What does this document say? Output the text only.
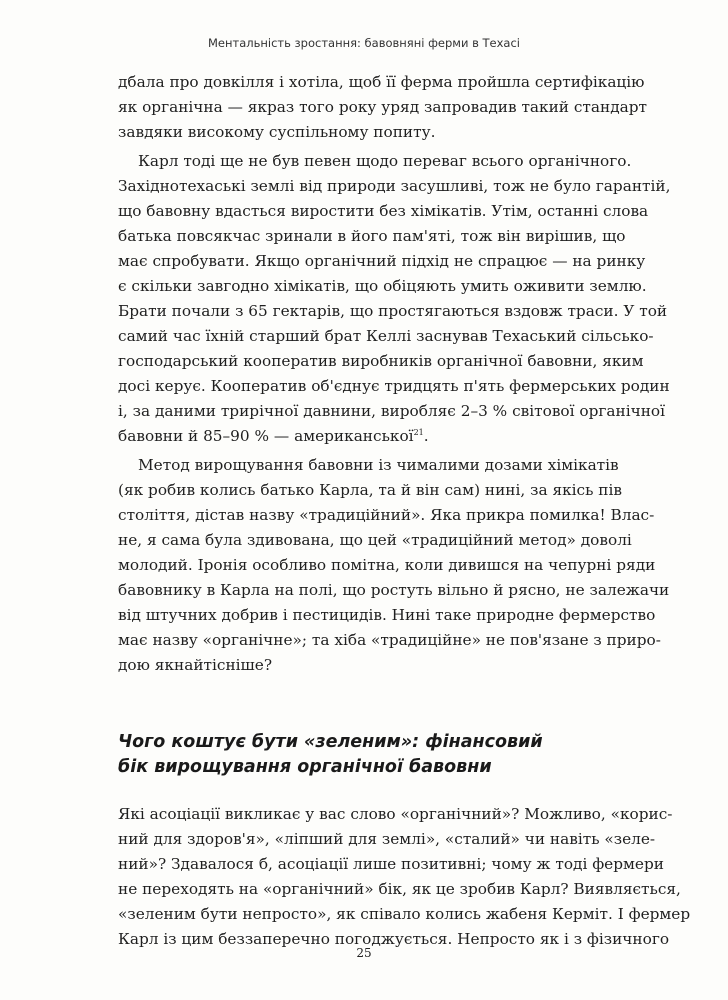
Ментальність зростання: бавовняні ферми в Техасі

дбала про довкілля і хотіла, щоб її ферма пройшла сертифікацію

як органічна — якраз того року уряд запровадив такий стандарт

завдяки високому суспільному попиту.

Карл тоді ще не був певен щодо переваг всього органічного.

Західнотехаські землі від природи засушливі, тож не було гарантій,

що бавовну вдасться виростити без хімікатів. Утім, останні слова

батька повсякчас зринали в його пам'яті, тож він вирішив, що

має спробувати. Якщо органічний підхід не спрацює — на ринку

є скільки завгодно хімікатів, що обіцяють умить оживити землю.

Брати почали з 65 гектарів, що простягаються вздовж траси. У той

самий час їхній старший брат Келлі заснував Техаський сільсько-

господарський кооператив виробників органічної бавовни, яким

досі керує. Кооператив об'єднує тридцять п'ять фермерських родин

і, за даними трирічної давнини, виробляє 2–3 % світової органічної

бавовни й 85–90 % — американської$^{21}$.

Метод вирощування бавовни із чималими дозами хімікатів

(як робив колись батько Карла, та й він сам) нині, за якісь пів

століття, дістав назву «традиційний». Яка прикра помилка! Влас-

не, я сама була здивована, що цей «традиційний метод» доволі

молодий. Іронія особливо помітна, коли дивишся на чепурні ряди

бавовнику в Карла на полі, що ростуть вільно й рясно, не залежачи

від штучних добрив і пестицидів. Нині таке природне фермерство

має назву «органічне»; та хіба «традиційне» не пов'язане з приро-

дою якнайтісніше?

Чого коштує бути «зеленим»: фінансовий

бік вирощування органічної бавовни

Які асоціації викликає у вас слово «органічний»? Можливо, «корис-

ний для здоров'я», «ліпший для землі», «сталий» чи навіть «зеле-

ний»? Здавалося б, асоціації лише позитивні; чому ж тоді фермери

не переходять на «органічний» бік, як це зробив Карл? Виявляється,

«зеленим бути непросто», як співало колись жабеня Керміт. І фермер

Карл із цим беззаперечно погоджується. Непросто як і з фізичного

25
